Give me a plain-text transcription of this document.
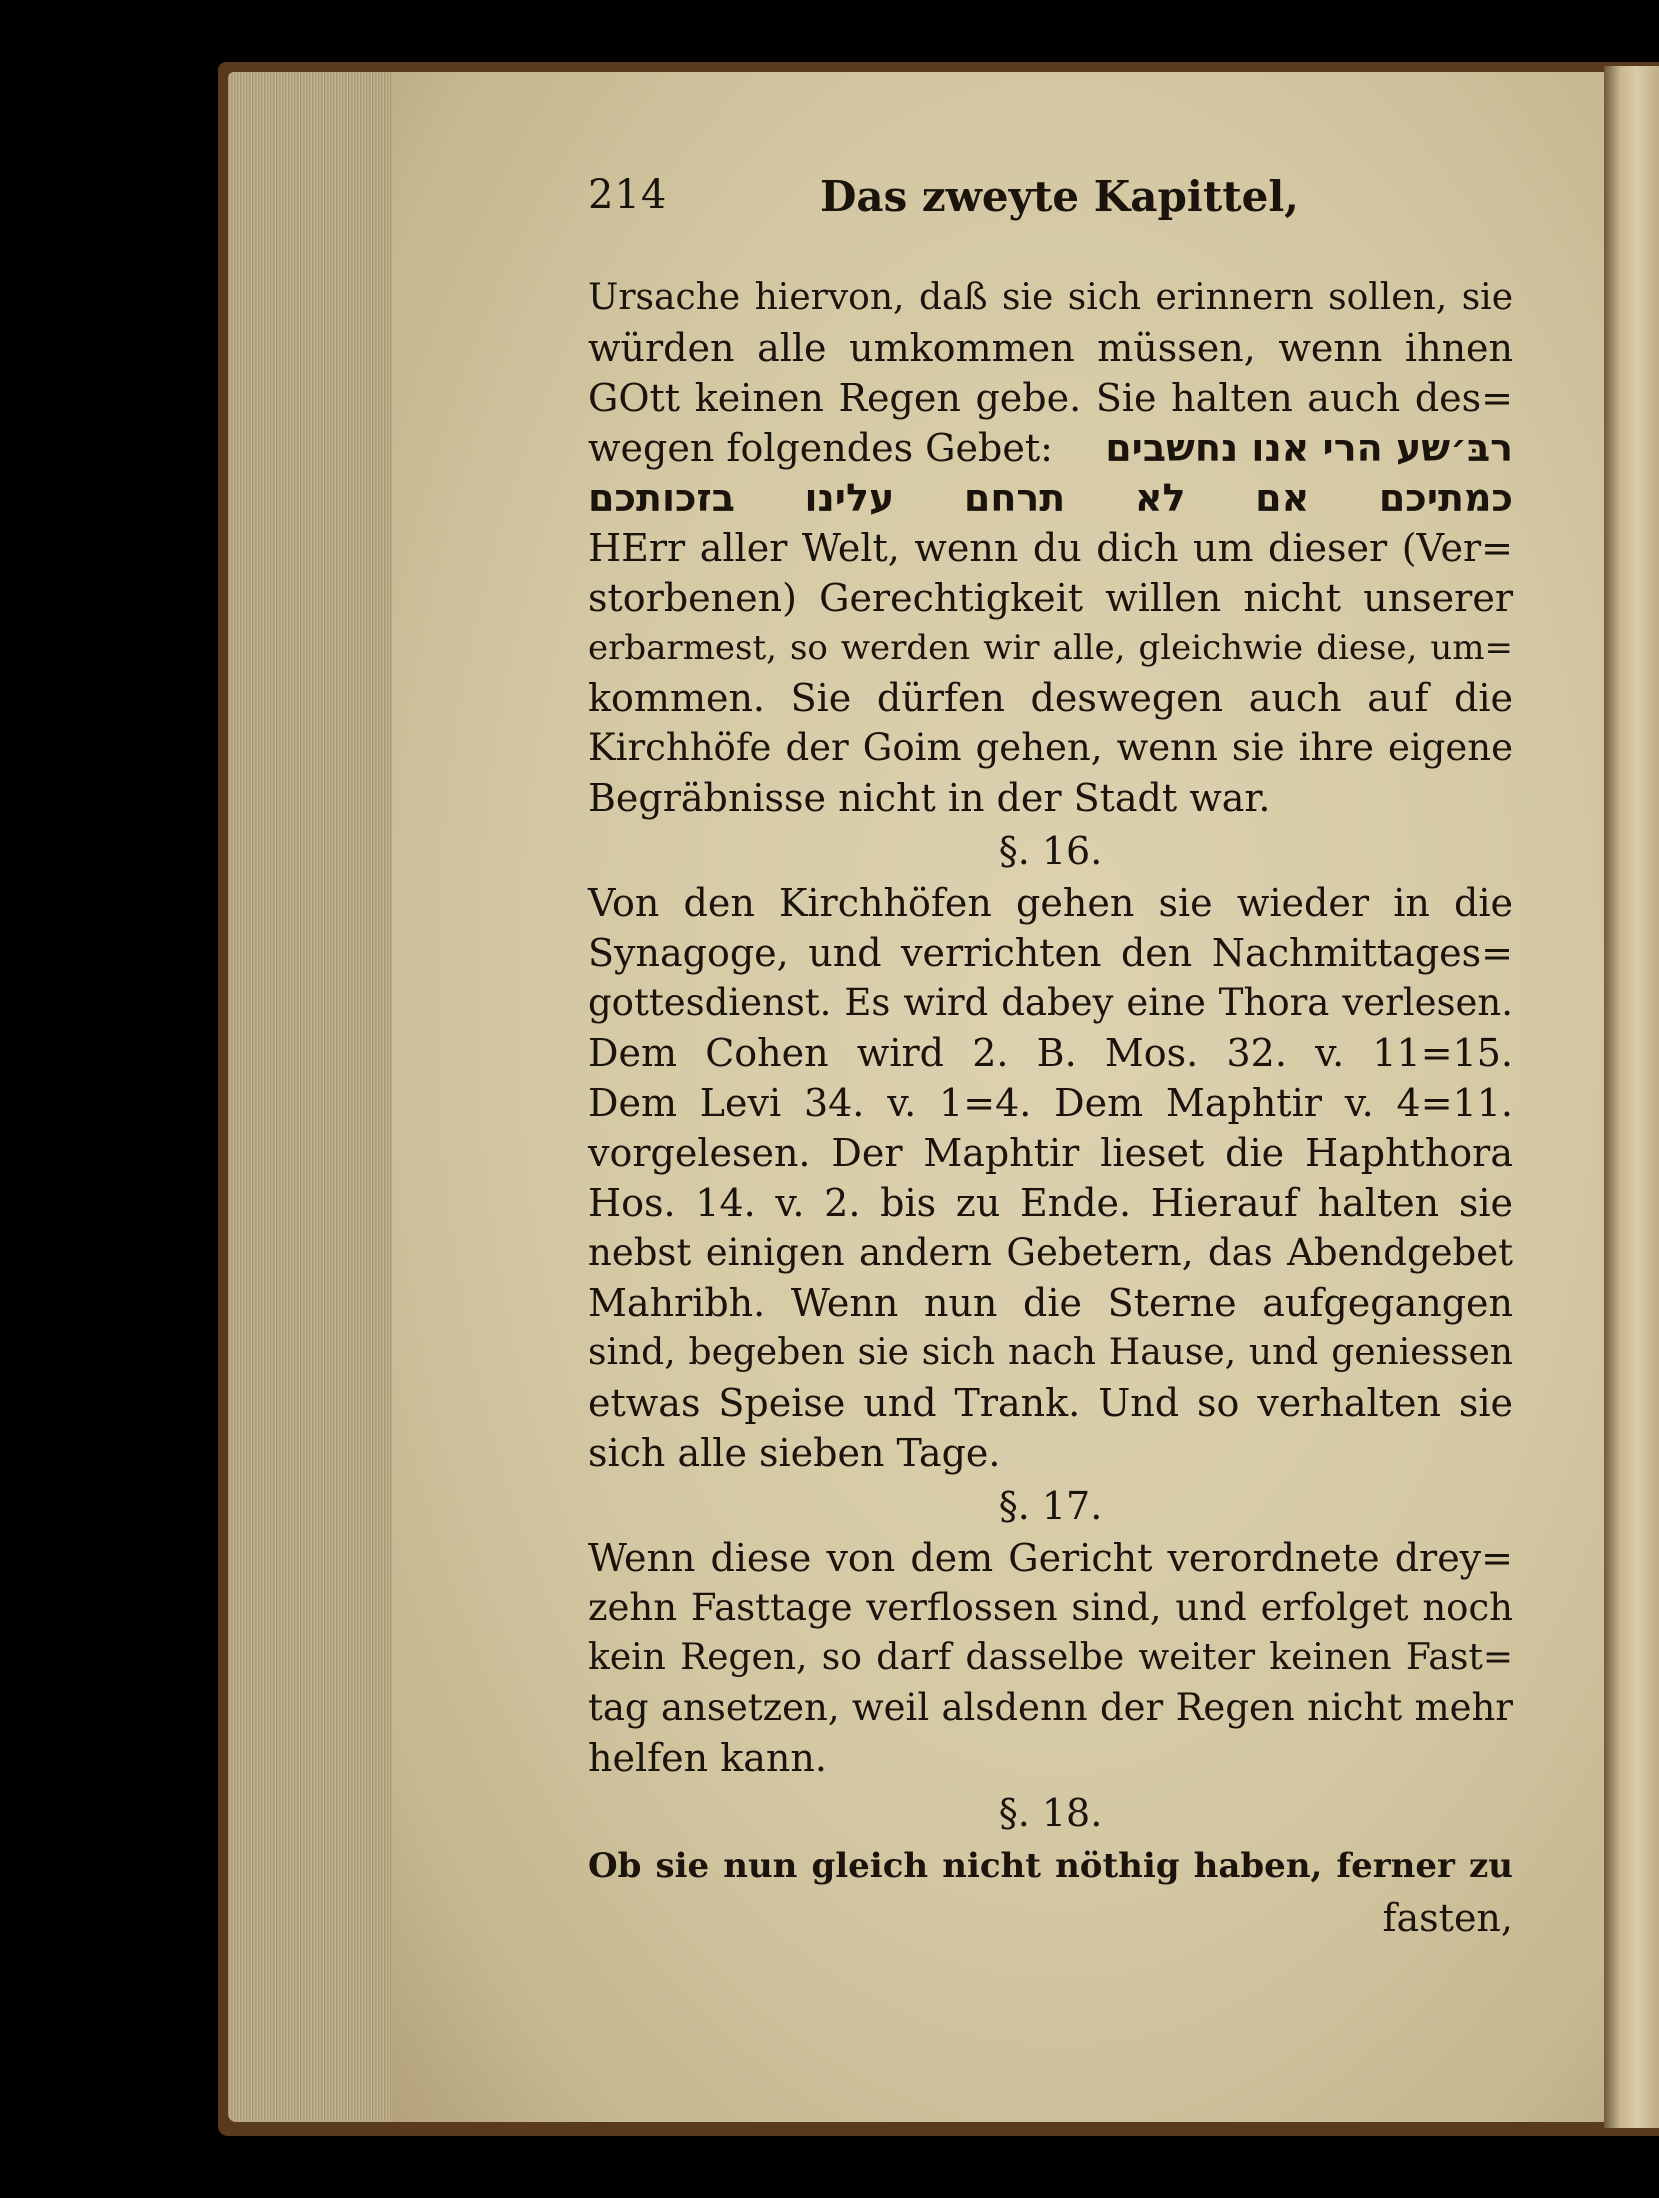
214	Das zweyte Kapittel,
Ursache hiervon, daß sie sich erinnern sollen, sie
würden alle umkommen müssen, wenn ihnen
GOtt keinen Regen gebe. Sie halten auch des=
wegen folgendes Gebet: רבּ׳שע הרי אנו נחשבים
כמתיכם אם לא תרחם עלינו בזכותכם
HErr aller Welt, wenn du dich um dieser (Ver=
storbenen) Gerechtigkeit willen nicht unserer
erbarmest, so werden wir alle, gleichwie diese, um=
kommen. Sie dürfen deswegen auch auf die
Kirchhöfe der Goim gehen, wenn sie ihre eigene
Begräbnisse nicht in der Stadt war.
§. 16.
Von den Kirchhöfen gehen sie wieder in die
Synagoge, und verrichten den Nachmittages=
gottesdienst. Es wird dabey eine Thora verlesen.
Dem Cohen wird 2. B. Mos. 32. v. 11=15.
Dem Levi 34. v. 1=4. Dem Maphtir v. 4=11.
vorgelesen. Der Maphtir lieset die Haphthora
Hos. 14. v. 2. bis zu Ende. Hierauf halten sie
nebst einigen andern Gebetern, das Abendgebet
Mahribh. Wenn nun die Sterne aufgegangen
sind, begeben sie sich nach Hause, und geniessen
etwas Speise und Trank. Und so verhalten sie
sich alle sieben Tage.
§. 17.
Wenn diese von dem Gericht verordnete drey=
zehn Fasttage verflossen sind, und erfolget noch
kein Regen, so darf dasselbe weiter keinen Fast=
tag ansetzen, weil alsdenn der Regen nicht mehr
helfen kann.
§. 18.
Ob sie nun gleich nicht nöthig haben, ferner zu
fasten,
